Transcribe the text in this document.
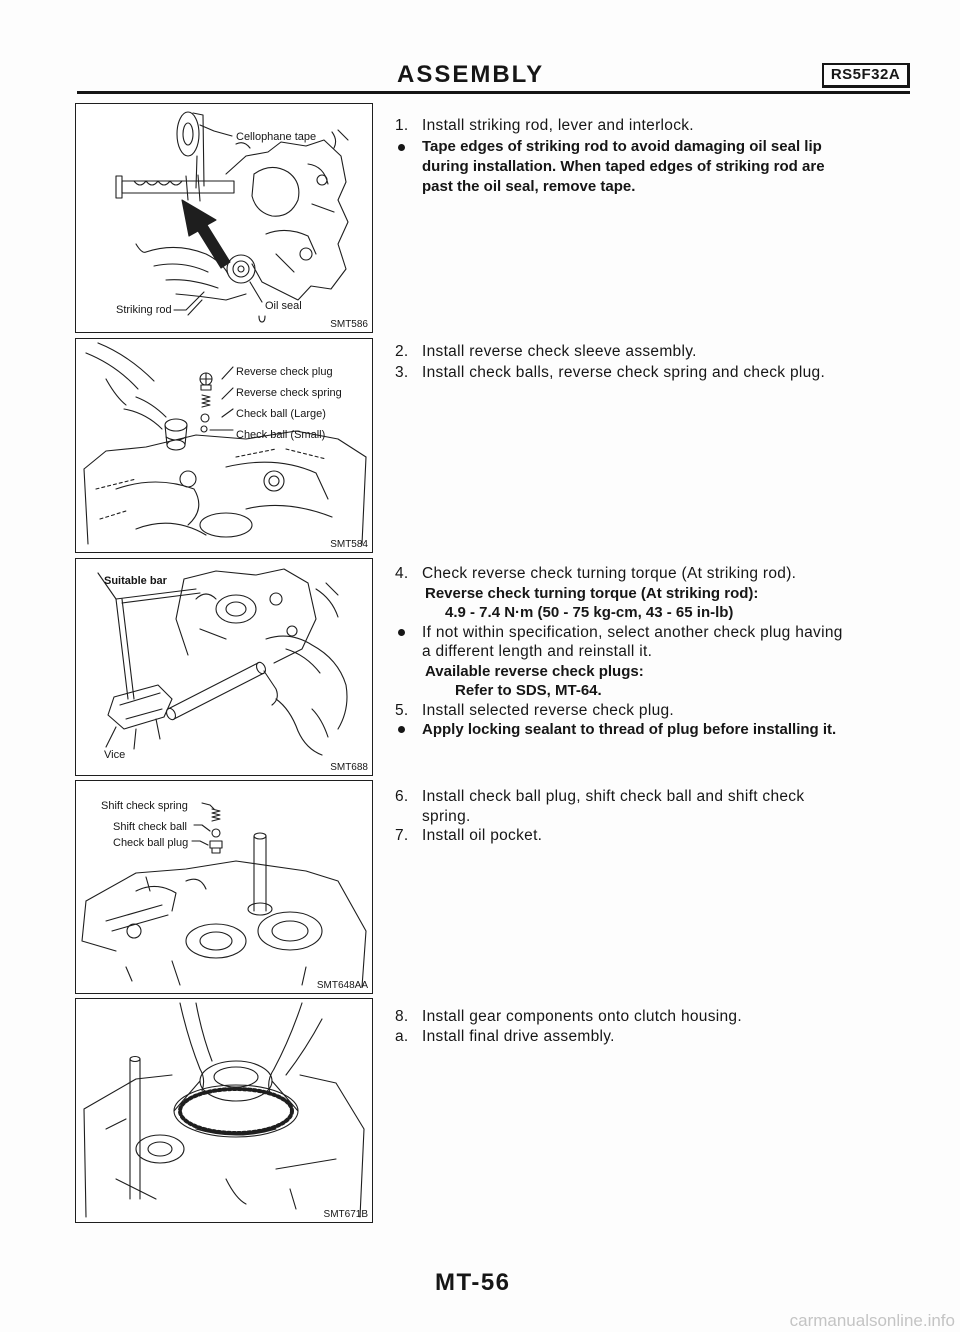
ASSEMBLY	RS5F32A
Cellophane tape
Striking rod	Oil seal
SMT586
Reverse check plug
Reverse check spring
Check ball (Large)
Check ball (Small)
SMT584
Suitable bar
Vice
SMT688
Shift check spring
Shift check ball
Check ball plug
SMT648AA
SMT671B
1. Install striking rod, lever and interlock.
Tape edges of striking rod to avoid damaging oil seal lip
during installation. When taped edges of striking rod are
past the oil seal, remove tape.
2. Install reverse check sleeve assembly.
3. Install check balls, reverse check spring and check plug.
4. Check reverse check turning torque (At striking rod).
Reverse check turning torque (At striking rod):
4.9 - 7.4 N·m (50 - 75 kg-cm, 43 - 65 in-lb)
If not within specification, select another check plug having
a different length and reinstall it.
Available reverse check plugs:
Refer to SDS, MT-64.
5. Install selected reverse check plug.
Apply locking sealant to thread of plug before installing it.
6. Install check ball plug, shift check ball and shift check
spring.
7. Install oil pocket.
8. Install gear components onto clutch housing.
a. Install final drive assembly.
MT-56
carmanualsonline.info
